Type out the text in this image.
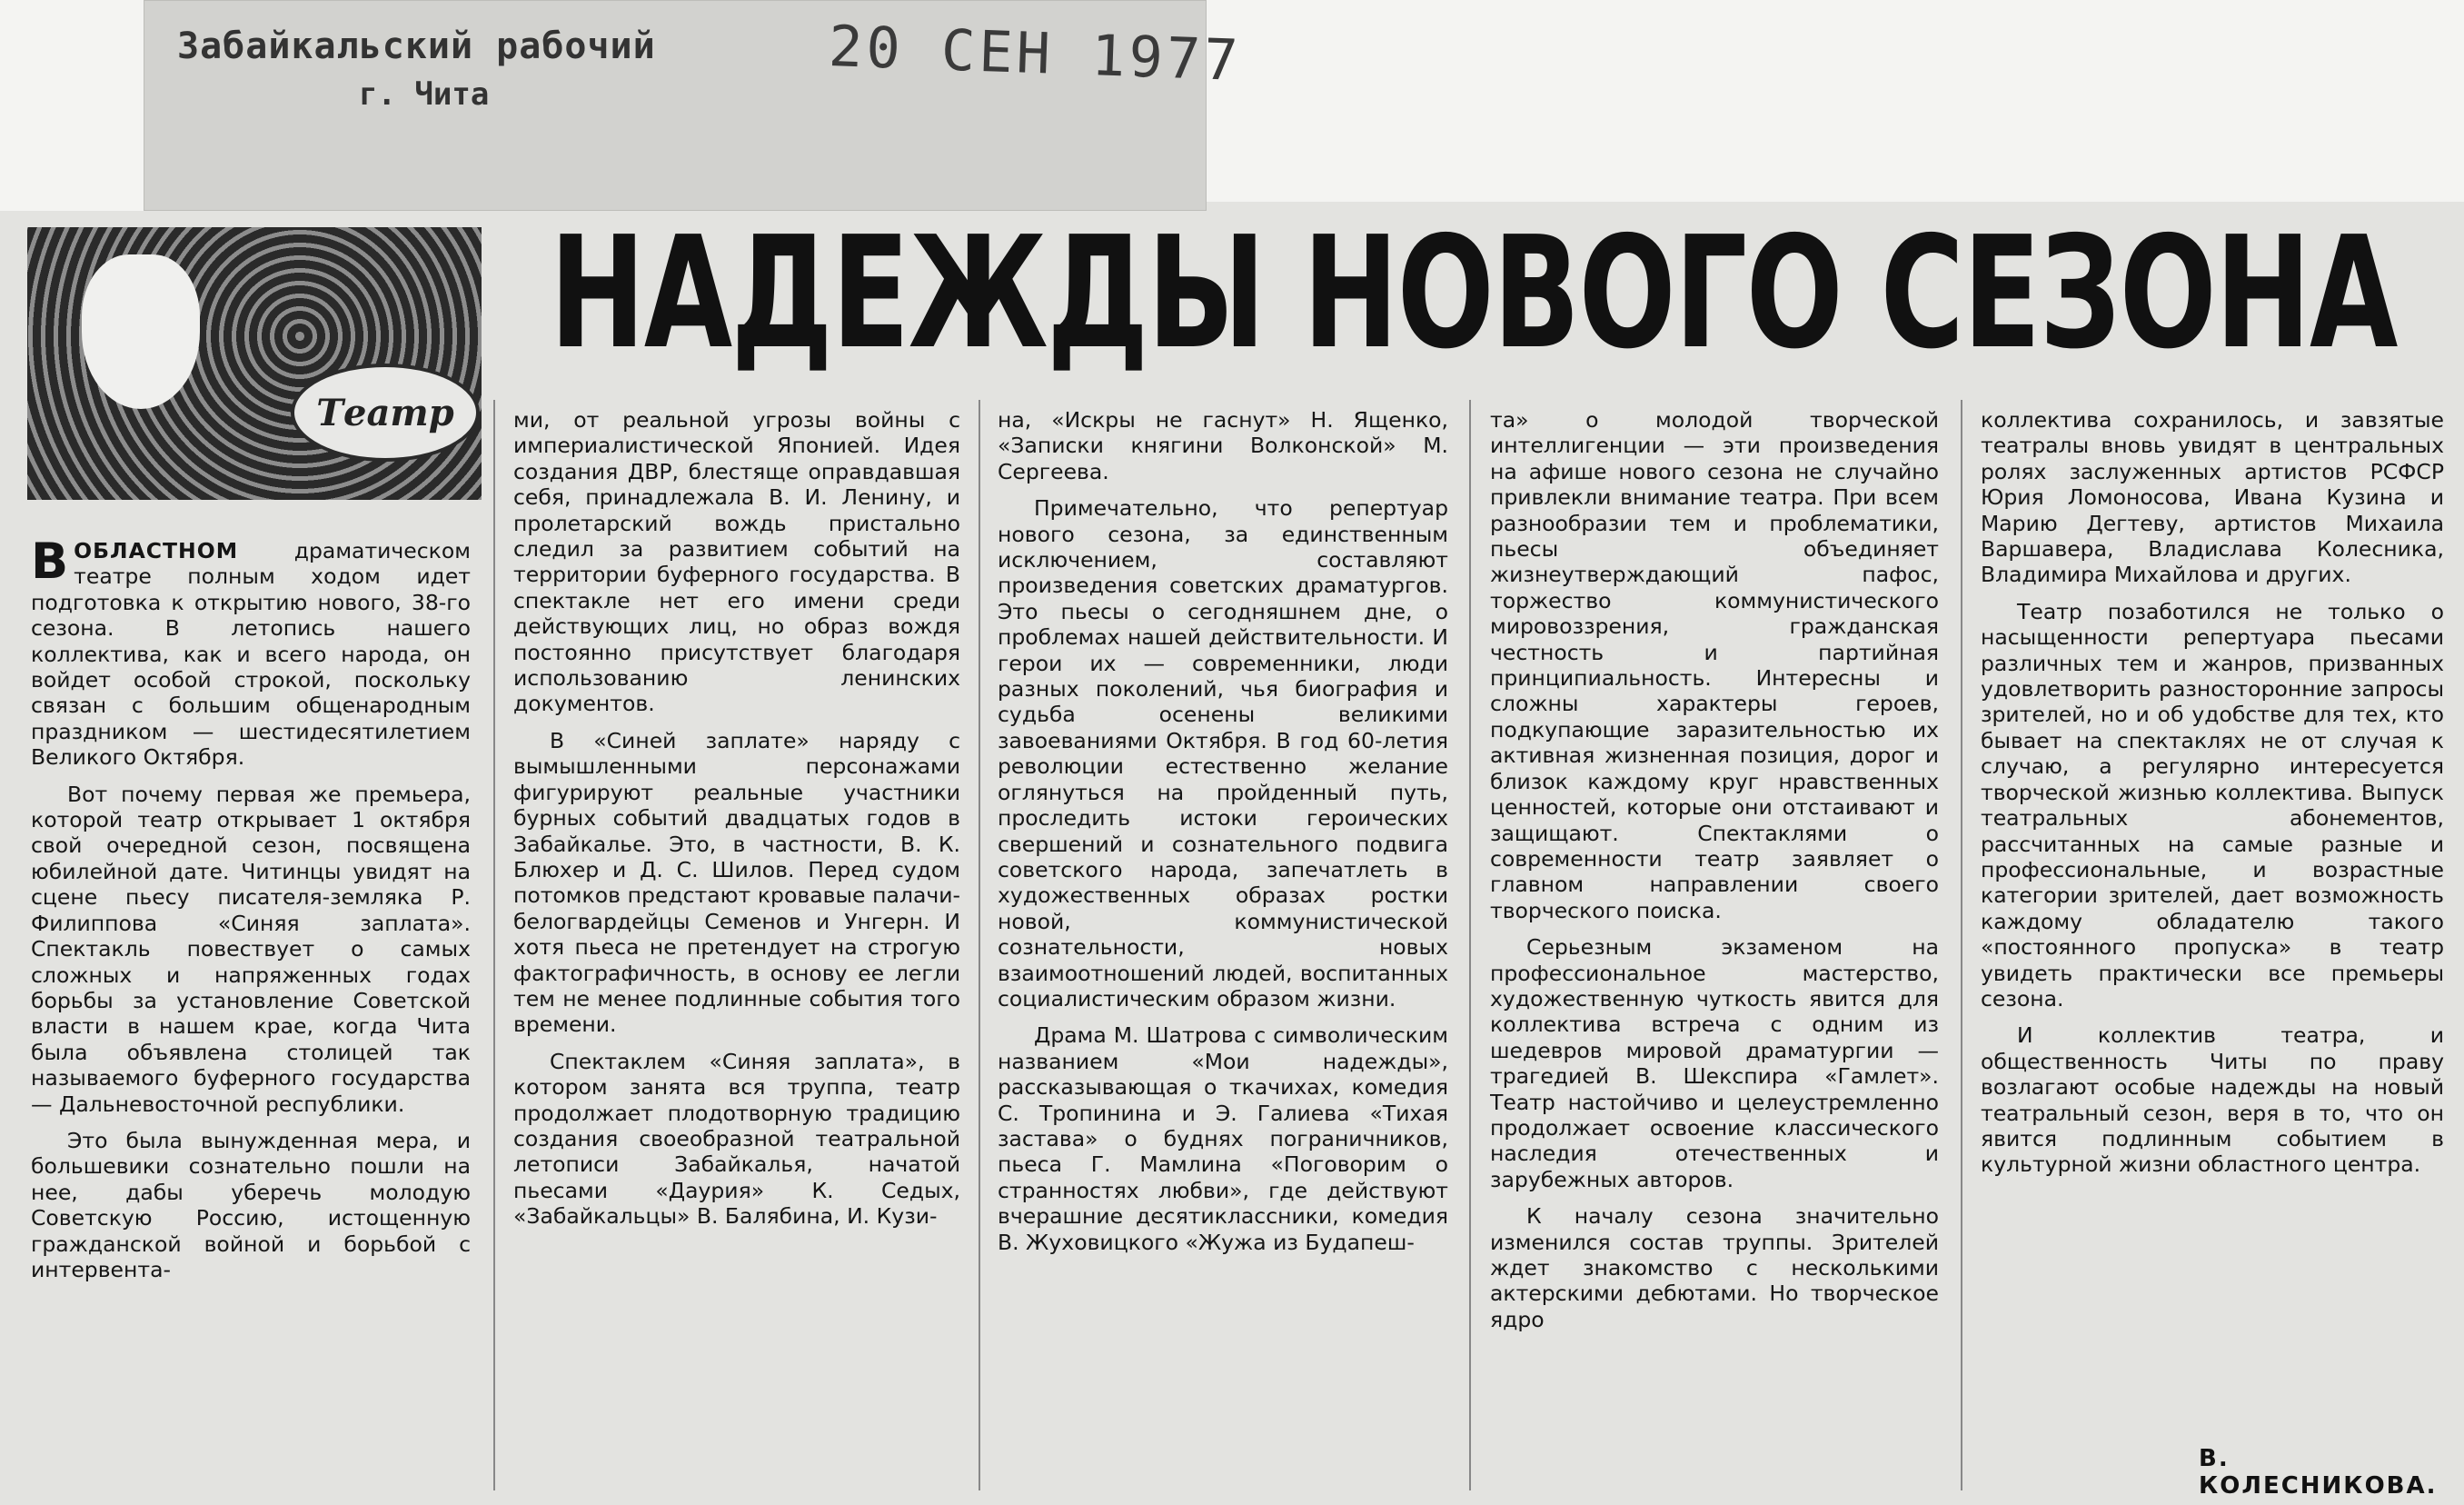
Забайкальский рабочий
г. Чита
20 СЕН 1977
Театр
НАДЕЖДЫ НОВОГО СЕЗОНА

ВОБЛАСТНОМ драматическом театре полным ходом идет подготовка к открытию нового, 38-го сезона. В летопись нашего коллектива, как и всего народа, он войдет особой строкой, поскольку связан с большим общенародным праздником — шестидесятилетием Великого Октября.

Вот почему первая же премьера, которой театр открывает 1 октября свой очередной сезон, посвящена юбилейной дате. Читинцы увидят на сцене пьесу писателя-земляка Р. Филиппова «Синяя заплата». Спектакль повествует о самых сложных и напряженных годах борьбы за установление Советской власти в нашем крае, когда Чита была объявлена столицей так называемого буферного государства — Дальневосточной республики.

Это была вынужденная мера, и большевики сознательно пошли на нее, дабы уберечь молодую Советскую Россию, истощенную гражданской войной и борьбой с интервента-

ми, от реальной угрозы войны с империалистической Японией. Идея создания ДВР, блестяще оправдавшая себя, принадлежала В. И. Ленину, и пролетарский вождь пристально следил за развитием событий на территории буферного государства. В спектакле нет его имени среди действующих лиц, но образ вождя постоянно присутствует благодаря использованию ленинских документов.

В «Синей заплате» наряду с вымышленными персонажами фигурируют реальные участники бурных событий двадцатых годов в Забайкалье. Это, в частности, В. К. Блюхер и Д. С. Шилов. Перед судом потомков предстают кровавые палачи-белогвардейцы Семенов и Унгерн. И хотя пьеса не претендует на строгую фактографичность, в основу ее легли тем не менее подлинные события того времени.

Спектаклем «Синяя заплата», в котором занята вся труппа, театр продолжает плодотворную традицию создания своеобразной театральной летописи Забайкалья, начатой пьесами «Даурия» К. Седых, «Забайкальцы» В. Балябина, И. Кузи-

на, «Искры не гаснут» Н. Ященко, «Записки княгини Волконской» М. Сергеева.

Примечательно, что репертуар нового сезона, за единственным исключением, составляют произведения советских драматургов. Это пьесы о сегодняшнем дне, о проблемах нашей действительности. И герои их — современники, люди разных поколений, чья биография и судьба осенены великими завоеваниями Октября. В год 60-летия революции естественно желание оглянуться на пройденный путь, проследить истоки героических свершений и сознательного подвига советского народа, запечатлеть в художественных образах ростки новой, коммунистической сознательности, новых взаимоотношений людей, воспитанных социалистическим образом жизни.

Драма М. Шатрова с символическим названием «Мои надежды», рассказывающая о ткачихах, комедия С. Тропинина и Э. Галиева «Тихая застава» о буднях пограничников, пьеса Г. Мамлина «Поговорим о странностях любви», где действуют вчерашние десятиклассники, комедия В. Жуховицкого «Жужа из Будапеш-

та» о молодой творческой интеллигенции — эти произведения на афише нового сезона не случайно привлекли внимание театра. При всем разнообразии тем и проблематики, пьесы объединяет жизнеутверждающий пафос, торжество коммунистического мировоззрения, гражданская честность и партийная принципиальность. Интересны и сложны характеры героев, подкупающие заразительностью их активная жизненная позиция, дорог и близок каждому круг нравственных ценностей, которые они отстаивают и защищают. Спектаклями о современности театр заявляет о главном направлении своего творческого поиска.

Серьезным экзаменом на профессиональное мастерство, художественную чуткость явится для коллектива встреча с одним из шедевров мировой драматургии — трагедией В. Шекспира «Гамлет». Театр настойчиво и целеустремленно продолжает освоение классического наследия отечественных и зарубежных авторов.

К началу сезона значительно изменился состав труппы. Зрителей ждет знакомство с несколькими актерскими дебютами. Но творческое ядро

коллектива сохранилось, и завзятые театралы вновь увидят в центральных ролях заслуженных артистов РСФСР Юрия Ломоносова, Ивана Кузина и Марию Дегтеву, артистов Михаила Варшавера, Владислава Колесника, Владимира Михайлова и других.

Театр позаботился не только о насыщенности репертуара пьесами различных тем и жанров, призванных удовлетворить разносторонние запросы зрителей, но и об удобстве для тех, кто бывает на спектаклях не от случая к случаю, а регулярно интересуется творческой жизнью коллектива. Выпуск театральных абонементов, рассчитанных на самые разные и профессиональные, и возрастные категории зрителей, дает возможность каждому обладателю такого «постоянного пропуска» в театр увидеть практически все премьеры сезона.

И коллектив театра, и общественность Читы по праву возлагают особые надежды на новый театральный сезон, веря в то, что он явится подлинным событием в культурной жизни областного центра.

В. КОЛЕСНИКОВА.
